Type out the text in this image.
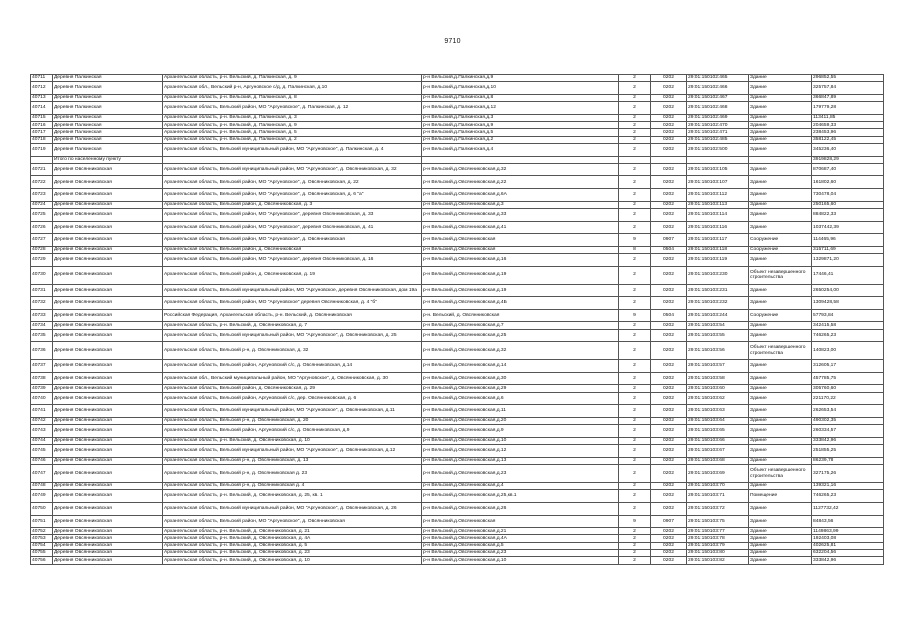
9710
40711	Деревня Палкинская	Архангельская область, р-н. Вельский, д. Палкинская, д. 9	р-н Вельский,д.Палкинская,д.9	2	0202	29:01:150102:465	Здание	296852,55
40712	Деревня Палкинская	Архангельская обл., Вельский р-н, Аргуновское с/д, д. Палкинская, д.10	р-н Вельский,д.Палкинская,д.10	2	0202	29:01:150102:466	Здание	325757,84
40713	Деревня Палкинская	Архангельская область, р-н. Вельский, д. Палкинская, д. 8	р-н Вельский,д.Палкинская,д.8	2	0202	29:01:150102:467	Здание	366847,89
40714	Деревня Палкинская	Архангельская область, Вельский район, МО "Аргуновское", д. Палкинская, д. 12	р-н Вельский,д.Палкинская,д.12	2	0202	29:01:150102:468	Здание	179779,28
40715	Деревня Палкинская	Архангельская область, р-н. Вельский, д. Палкинская, д. 3	р-н Вельский,д.Палкинская,д.3	2	0202	29:01:150102:469	Здание	113411,85
40716	Деревня Палкинская	Архангельская область, р-н. Вельский, д. Палкинская, д. 9	р-н Вельский,д.Палкинская,д.9	2	0202	29:01:150102:470	Здание	204659,33
40717	Деревня Палкинская	Архангельская область, р-н. Вельский, д. Палкинская, д. 5	р-н Вельский,д.Палкинская,д.5	2	0202	29:01:150102:471	Здание	238453,96
40718	Деревня Палкинская	Архангельская область, р-н. Вельский, д. Палкинская, д. 2	р-н Вельский,д.Палкинская,д.2	2	0202	29:01:150102:485	Здание	358122,45
40719	Деревня Палкинская	Архангельская область, Вельский муниципальный район, МО "Аргуновское", д. Палкинская, д. 4	р-н Вельский,д.Палкинская,д.4	2	0202	29:01:150102:500	Здание	345236,40
	Итого по населенному пункту							3919828,29
40721	Деревня Овсянниковская	Архангельская область, Вельский муниципальный район, МО "Аргуновское", д. Овсянниковская, д. 32	р-н Вельский,д.Овсянниковская,д.32	2	0202	29:01:150103:105	Здание	870687,40
40722	Деревня Овсянниковская	Архангельская область, Вельский район, МО "Аргуновское", д. Овсянниковская, д. 22	р-н Вельский,д.Овсянниковская,д.22	2	0202	29:01:150103:107	Здание	161802,60
40723	Деревня Овсянниковская	Архангельская область, Вельский район, МО "Аргуновское", д. Овсянниковская, д. 6 "а"	р-н Вельский,д.Овсянниковская,д.6А	2	0202	29:01:150103:112	Здание	730478,04
40724	Деревня Овсянниковская	Архангельская область, Вельский район, д. Овсянниковская, д. 3	р-н Вельский,д.Овсянниковская,д.3	2	0202	29:01:150103:113	Здание	250165,60
40725	Деревня Овсянниковская	Архангельская область, Вельский район, МО "Аргуновское", деревня Овсянниковская, д. 33	р-н Вельский,д.Овсянниковская,д.33	2	0202	29:01:150103:114	Здание	884822,33
40726	Деревня Овсянниковская	Архангельская область, Вельский район, МО "Аргуновское", деревня Овсянниковская, д. 41	р-н Вельский,д.Овсянниковская,д.41	2	0202	29:01:150103:116	Здание	1037442,39
40727	Деревня Овсянниковская	Архангельская область, Вельский район, МО "Аргуновское", д. Овсянниковская	р-н Вельский,д.Овсянниковская	9	0907	29:01:150103:117	Сооружение	114465,96
40728	Деревня Овсянниковская	Архангельская область, Вельский район, д. Овсянниковская	р-н Вельский,д.Овсянниковская	8	0504	29:01:150103:118	Сооружение	315711,69
40729	Деревня Овсянниковская	Архангельская область, Вельский район, МО "Аргуновское", деревня Овсянниковская, д. 16	р-н Вельский,д.Овсянниковская,д.16	2	0202	29:01:150103:119	Здание	1329871,20
40730	Деревня Овсянниковская	Архангельская область, Вельский район, д. Овсянниковская, д. 19	р-н Вельский,д.Овсянниковская,д.19	2	0202	29:01:150103:230	Объект незавершенного строительства	17446,41
40731	Деревня Овсянниковская	Архангельская область, Вельский муниципальный район, МО "Аргуновское, деревня Овсянниковская, дом 19а	р-н Вельский,д.Овсянниковская,д.19	2	0202	29:01:150103:231	Здание	2650254,00
40732	Деревня Овсянниковская	Архангельская область, Вельский район, МО "Аргуновское" деревня Овсянниковская, д. 4 "б"	р-н Вельский,д.Овсянниковская,д.4Б	2	0202	29:01:150103:232	Здание	1309428,58
40733	Деревня Овсянниковская	Российская Федерация, Архангельская область, р-н. Вельский, д. Овсянниковская	р-н. Вельский, д. Овсянниковская	9	0504	29:01:150103:244	Сооружение	57793,84
40734	Деревня Овсянниковская	Архангельская область, р-н. Вельский, д. Овсянниковская, д. 7	р-н Вельский,д.Овсянниковская,д.7	2	0202	29:01:150103:54	Здание	342415,58
40735	Деревня Овсянниковская	Архангельская область, Вельский муниципальный район, МО "Аргуновское", д. Овсянниковская, д. 25	р-н Вельский,д.Овсянниковская,д.25	2	0202	29:01:150103:55	Здание	746265,23
40736	Деревня Овсянниковская	Архангельская область, Вельский р-н, д. Овсянниковская, д. 32	р-н Вельский,д.Овсянниковская,д.32	2	0202	29:01:150103:56	Объект незавершенного строительства	140823,00
40737	Деревня Овсянниковская	Архангельская область, Вельский район, Аргуновский с/с, д. Овсянниковская, д.14	р-н Вельский,д.Овсянниковская,д.14	2	0202	29:01:150103:57	Здание	312605,17
40738	Деревня Овсянниковская	Архангельская обл., Вельский муниципальный район, МО "Аргуновское", д. Овсянниковская, д. 30	р-н Вельский,д.Овсянниковская,д.30	2	0202	29:01:150103:58	Здание	457785,75
40739	Деревня Овсянниковская	Архангельская область, Вельский район, д. Овсянниковская, д. 29	р-н Вельский,д.Овсянниковская,д.29	2	0202	29:01:150103:60	Здание	305760,60
40740	Деревня Овсянниковская	Архангельская область, Вельский район, Аргуновский с/с, дер. Овсянниковская, д. 6	р-н Вельский,д.Овсянниковская,д.6	2	0202	29:01:150103:62	Здание	221170,22
40741	Деревня Овсянниковская	Архангельская область, Вельский муниципальный район, МО "Аргуновское", д. Овсянниковская, д.11	р-н Вельский,д.Овсянниковская,д.11	2	0202	29:01:150103:63	Здание	262653,54
40742	Деревня Овсянниковская	Архангельская область, Вельский р-н, д. Овсянниковская, д. 20	р-н Вельский,д.Овсянниковская,д.20	2	0202	29:01:150103:64	Здание	490302,35
40743	Деревня Овсянниковская	Архангельская область, Вельский район, Аргуновский с/с, д. Овсянниковская, д.9	р-н Вельский,д.Овсянниковская,д.9	2	0202	29:01:150103:65	Здание	260334,57
40744	Деревня Овсянниковская	Архангельская область, р-н. Вельский, д. Овсянниковская, д. 10	р-н Вельский,д.Овсянниковская,д.10	2	0202	29:01:150103:66	Здание	333842,96
40745	Деревня Овсянниковская	Архангельская область, Вельский муниципальный район, МО "Аргуновское", д. Овсянниковская, д.12	р-н Вельский,д.Овсянниковская,д.12	2	0202	29:01:150103:67	Здание	251855,25
40746	Деревня Овсянниковская	Архангельская область, Вельский р-н, д. Овсянниковская, д. 13	р-н Вельский,д.Овсянниковская,д.13	2	0202	29:01:150103:68	Здание	86239,78
40747	Деревня Овсянниковская	Архангельская область, Вельский р-н, д. Овсянниковская д. 23	р-н Вельский,д.Овсянниковская,д.23	2	0202	29:01:150103:69	Объект незавершенного строительства	327175,26
40748	Деревня Овсянниковская	Архангельская область, Вельский р-н, д. Овсянниковская д. 4	р-н Вельский,д.Овсянниковская,д.4	2	0202	29:01:150103:70	Здание	139321,16
40749	Деревня Овсянниковская	Архангельская область, р-н. Вельский, д. Овсянниковская, д. 25, кв. 1	р-н Вельский,д.Овсянниковская,д.25,кв.1	2	0202	29:01:150103:71	Помещение	746265,23
40750	Деревня Овсянниковская	Архангельская область, Вельский муниципальный район, МО "Аргуновское", д. Овсянниковская, д. 26	р-н Вельский,д.Овсянниковская,д.26	2	0202	29:01:150103:72	Здание	1127732,42
40751	Деревня Овсянниковская	Архангельская область, Вельский район, МО "Аргуновское", д. Овсянниковская	р-н Вельский,д.Овсянниковская	9	0907	29:01:150103:75	Здание	84843,56
40752	Деревня Овсянниковская	Архангельская область, р-н. Вельский, д. Овсянниковская, д. 21	р-н Вельский,д.Овсянниковская,д.21	2	0202	29:01:150103:77	Здание	1149863,99
40753	Деревня Овсянниковская	Архангельская область, р-н. Вельский, д. Овсянниковская, д. 4А	р-н Вельский,д.Овсянниковская,д.4А	2	0202	29:01:150103:78	Здание	192403,08
40754	Деревня Овсянниковская	Архангельская область, р-н. Вельский, д. Овсянниковская, д. 5	р-н Вельский,д.Овсянниковская,д.5	2	0202	29:01:150103:79	Здание	402625,81
40755	Деревня Овсянниковская	Архангельская область, р-н. Вельский, д. Овсянниковская, д. 23	р-н Вельский,д.Овсянниковская,д.23	2	0202	29:01:150103:80	Здание	632204,56
40756	Деревня Овсянниковская	Архангельская область, р-н. Вельский, д. Овсянниковская, д. 10	р-н Вельский,д.Овсянниковская,д.10	2	0202	29:01:150103:82	Здание	333842,96
